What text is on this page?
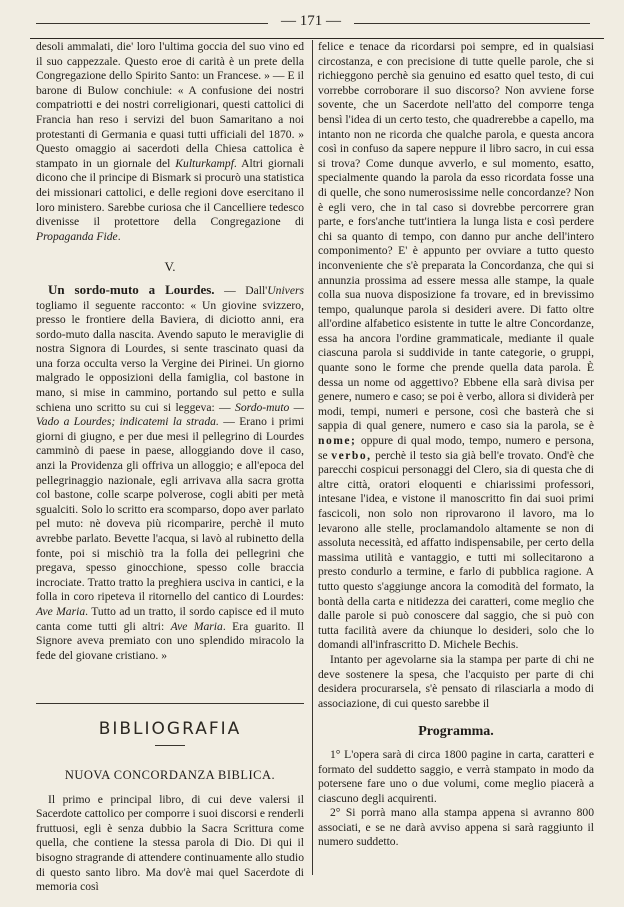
— 171 —

desoli ammalati, die' loro l'ultima goccia del suo vino ed il suo cappezzale. Questo eroe di carità è un prete della Congregazione dello Spirito Santo: un Francese. » — E il barone di Bulow conchiule: « A confusione dei nostri compatriotti e dei nostri correligionari, questi cattolici di Francia han reso i servizi del buon Samaritano a noi protestanti di Germania e quasi tutti ufficiali del 1870. » Questo omaggio ai sacerdoti della Chiesa cattolica è stampato in un giornale del Kulturkampf. Altri giornali dicono che il principe di Bismark si procurò una statistica dei missionari cattolici, e delle regioni dove esercitano il loro ministero. Sarebbe curiosa che il Cancelliere tedesco divenisse il protettore della Congregazione di Propaganda Fide.

V.

Un sordo-muto a Lourdes. — Dall'Univers togliamo il seguente racconto: « Un giovine svizzero, presso le frontiere della Baviera, di diciotto anni, era sordo-muto dalla nascita. Avendo saputo le meraviglie di nostra Signora di Lourdes, si sente trascinato quasi da una forza occulta verso la Vergine dei Pirinei. Un giorno malgrado le opposizioni della famiglia, col bastone in mano, si mise in cammino, portando sul petto e sulla schiena uno scritto su cui si leggeva: — Sordo-muto — Vado a Lourdes; indicatemi la strada. — Erano i primi giorni di giugno, e per due mesi il pellegrino di Lourdes camminò di paese in paese, alloggiando dove il caso, anzi la Providenza gli offriva un alloggio; e all'epoca del pellegrinaggio nazionale, egli arrivava alla sacra grotta col bastone, colle scarpe polverose, cogli abiti per metà sgualciti. Solo lo scritto era scomparso, dopo aver parlato pel muto: nè doveva più ricomparire, perchè il muto avrebbe parlato. Bevette l'acqua, si lavò al rubinetto della fonte, poi si mischiò tra la folla dei pellegrini che pregava, spesso ginocchione, spesso colle braccia incrociate. Tratto tratto la preghiera usciva in cantici, e la folla in coro ripeteva il ritornello del cantico di Lourdes: Ave Maria. Tutto ad un tratto, il sordo capisce ed il muto canta come tutti gli altri: Ave Maria. Era guarito. Il Signore aveva premiato con uno splendido miracolo la fede del giovane cristiano. »

BIBLIOGRAFIA
NUOVA CONCORDANZA BIBLICA.

Il primo e principal libro, di cui deve valersi il Sacerdote cattolico per comporre i suoi discorsi e renderli fruttuosi, egli è senza dubbio la Sacra Scrittura come quella, che contiene la stessa parola di Dio. Di qui il bisogno stragrande di attendere continuamente allo studio di questo santo libro. Ma dov'è mai quel Sacerdote di memoria così

felice e tenace da ricordarsi poi sempre, ed in qualsiasi circostanza, e con precisione di tutte quelle parole, che si richieggono perchè sia genuino ed esatto quel testo, di cui vorrebbe corroborare il suo discorso? Non avviene forse sovente, che un Sacerdote nell'atto del comporre tenga bensì l'idea di un certo testo, che quadrerebbe a capello, ma intanto non ne ricorda che qualche parola, e questa ancora così in confuso da sapere neppure il libro sacro, in cui essa si trova? Come dunque avverlo, e sul momento, esatto, specialmente quando la parola da esso ricordata fosse una di quelle, che sono numerosissime nelle concordanze? Non è egli vero, che in tal caso si dovrebbe percorrere gran parte, e fors'anche tutt'intiera la lunga lista e così perdere chi sa quanto di tempo, con danno pur anche dell'intero componimento? E' è appunto per ovviare a tutto questo inconveniente che s'è preparata la Concordanza, che qui si annunzia prossima ad essere messa alle stampe, la quale colla sua nuova disposizione fa trovare, ed in brevissimo tempo, qualunque parola si desideri avere. Di fatto oltre all'ordine alfabetico esistente in tutte le altre Concordanze, essa ha ancora l'ordine grammaticale, mediante il quale ciascuna parola si suddivide in tante categorie, o gruppi, quante sono le forme che prende quella data parola. È dessa un nome od aggettivo? Ebbene ella sarà divisa per genere, numero e caso; se poi è verbo, allora si dividerà per modi, tempi, numeri e persone, così che basterà che si sappia di qual genere, numero e caso sia la parola, se è nome; oppure di qual modo, tempo, numero e persona, se verbo, perchè il testo sia già bell'e trovato. Ond'è che parecchi cospicui personaggi del Clero, sia di questa che di altre città, oratori eloquenti e chiarissimi professori, intesane l'idea, e vistone il manoscritto fin dai suoi primi fascicoli, non solo non riprovarono il lavoro, ma lo levarono alle stelle, proclamandolo altamente se non di assoluta necessità, ed affatto indispensabile, per certo della massima utilità e vantaggio, e tutti mi sollecitarono a presto condurlo a termine, e farlo di pubblica ragione. A tutto questo s'aggiunge ancora la comodità del formato, la bontà della carta e nitidezza dei caratteri, come meglio che dalle parole si può conoscere dal saggio, che si può con tutta facilità avere da chiunque lo desideri, solo che lo domandi all'infrascritto D. Michele Bechis.

Intanto per agevolarne sia la stampa per parte di chi ne deve sostenere la spesa, che l'acquisto per parte di chi desidera procurarsela, s'è pensato di rilasciarla a modo di associazione, di cui questo sarebbe il

Programma.

1° L'opera sarà di circa 1800 pagine in carta, caratteri e formato del suddetto saggio, e verrà stampato in modo da potersene fare uno o due volumi, come meglio piacerà a ciascuno degli acquirenti.

2° Si porrà mano alla stampa appena si avranno 800 associati, e se ne darà avviso appena si sarà raggiunto il numero suddetto.
